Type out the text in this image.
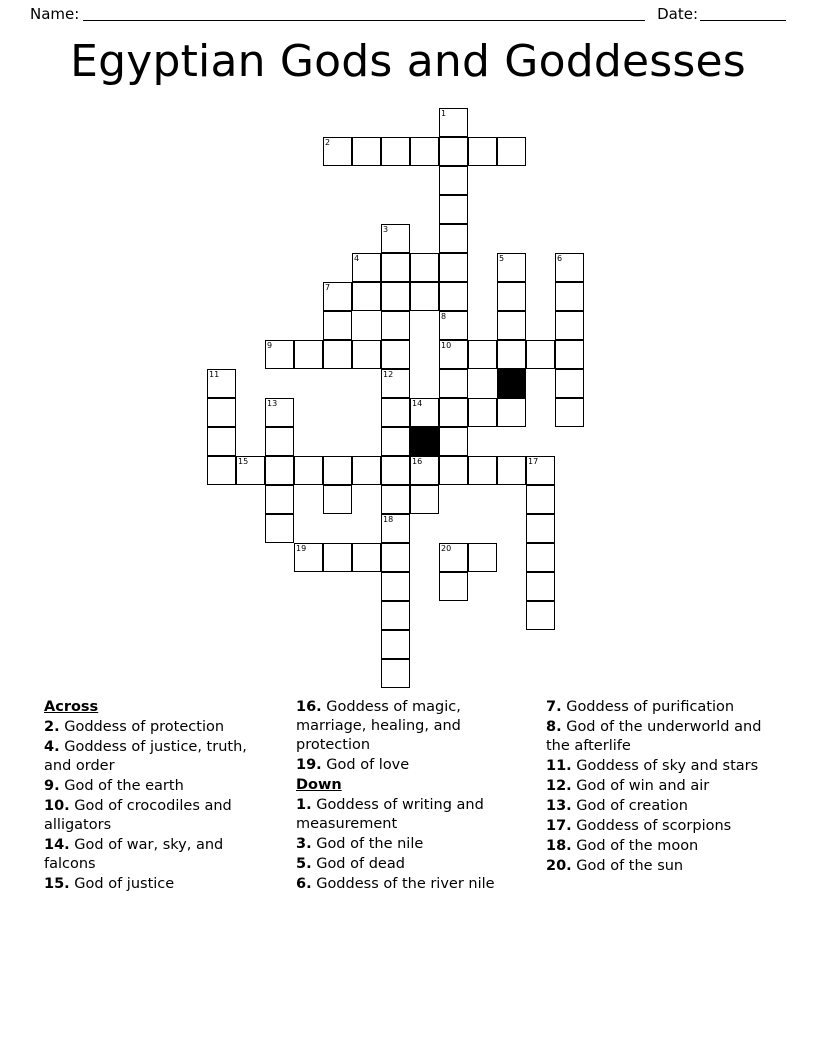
Name:	Date:
Egyptian Gods and Goddesses
1
2
3
4	5	6
7
8
9	10
11	12
13	14
15	16	17
18
19	20
Across
2. Goddess of protection
4. Goddess of justice, truth, and order
9. God of the earth
10. God of crocodiles and alligators
14. God of war, sky, and falcons
15. God of justice
16. Goddess of magic, marriage, healing, and protection
19. God of love
Down
1. Goddess of writing and measurement
3. God of the nile
5. God of dead
6. Goddess of the river nile
7. Goddess of purification
8. God of the underworld and the afterlife
11. Goddess of sky and stars
12. God of win and air
13. God of creation
17. Goddess of scorpions
18. God of the moon
20. God of the sun
